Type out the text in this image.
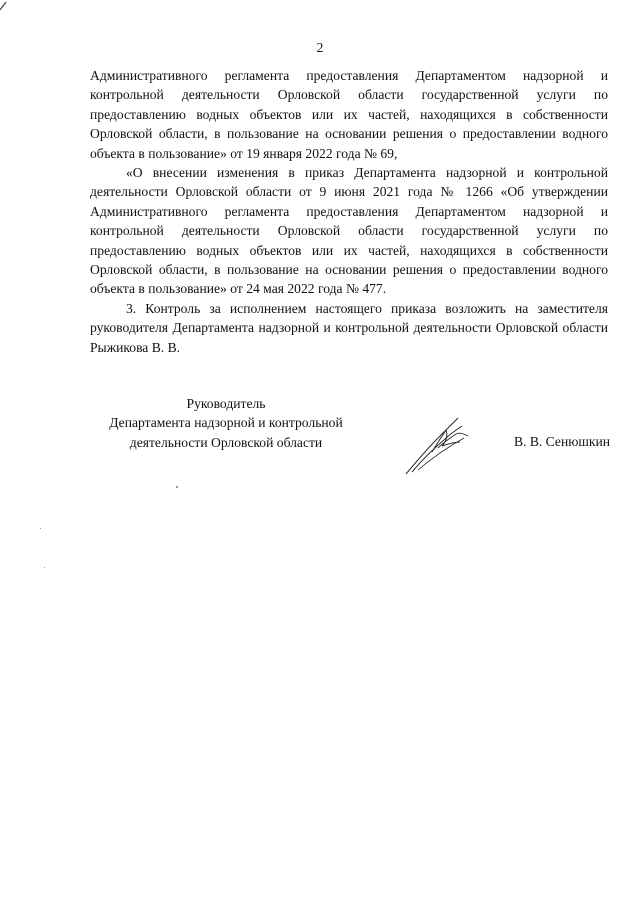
2

Административного регламента предоставления Департаментом надзорной и контрольной деятельности Орловской области государственной услуги по предоставлению водных объектов или их частей, находящихся в собственности Орловской области, в пользование на основании решения о предоставлении водного объекта в пользование» от 19 января 2022 года № 69,

«О внесении изменения в приказ Департамента надзорной и контрольной деятельности Орловской области от 9 июня 2021 года № 1266 «Об утверждении Административного регламента предоставления Департаментом надзорной и контрольной деятельности Орловской области государственной услуги по предоставлению водных объектов или их частей, находящихся в собственности Орловской области, в пользование на основании решения о предоставлении водного объекта в пользование» от 24 мая 2022 года № 477.

3. Контроль за исполнением настоящего приказа возложить на заместителя руководителя Департамента надзорной и контрольной деятельности Орловской области Рыжикова В. В.

Руководитель
Департамента надзорной и контрольной
деятельности Орловской области	В. В. Сенюшкин
